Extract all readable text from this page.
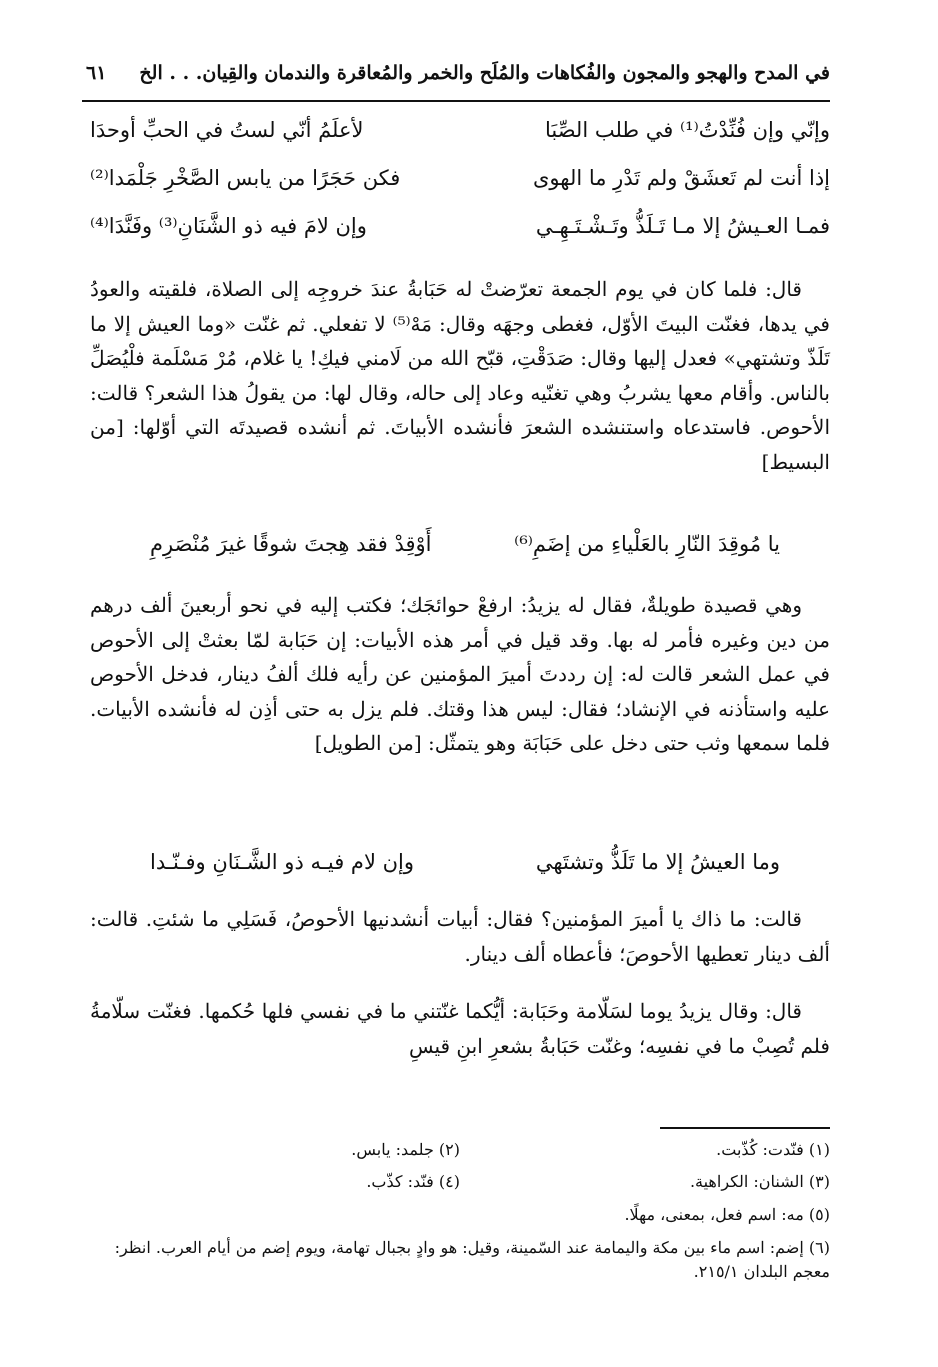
في المدح والهجو والمجون والفُكاهات والمُلَح والخمر والمُعاقرة والندمان والقِيان. . . الخ
٦١
وإنّي وإن فُنِّدْتُ⁽¹⁾ في طلب الصِّبَا
لأعلَمُ أنّي لستُ في الحبِّ أوحدَا
إذا أنت لم تَعشَقْ ولم تَدْرِ ما الهوى
فكن حَجَرًا من يابس الصَّخْرِ جَلْمَدا⁽²⁾
فمـا العـيشُ إلا مـا تَـلَذُّ وتَـشْـتَـهِـي
وإن لامَ فيه ذو الشَّنَانِ⁽³⁾ وفَنَّدَا⁽⁴⁾

قال: فلما كان في يوم الجمعة تعرّضتْ له حَبَابةُ عندَ خروجِه إلى الصلاة، فلقيته والعودُ في يدها، فغنّت البيتَ الأوّل، فغطى وجهَه وقال: مَهْ⁽⁵⁾ لا تفعلي. ثم غنّت «وما العيش إلا ما تَلَذّ وتشتهي» فعدل إليها وقال: صَدَقْتِ، قبّح الله من لَامني فيكِ! يا غلام، مُرْ مَسْلَمة فلْيُصَلِّ بالناس. وأقام معها يشربُ وهي تغنّيه وعاد إلى حاله، وقال لها: من يقولُ هذا الشعر؟ قالت: الأحوص. فاستدعاه واستنشده الشعرَ فأنشده الأبياتَ. ثم أنشده قصيدتَه التي أوّلها: [من البسيط]

يا مُوقِدَ النّارِ بالعَلْياءِ من إضَمِ⁽⁶⁾
أَوْقِدْ فقد هِجتَ شوقًا غيرَ مُنْصَرِمِ

وهي قصيدة طويلةٌ، فقال له يزيدُ: ارفعْ حوائجَك؛ فكتب إليه في نحو أربعينَ ألف درهم من دين وغيره فأمر له بها. وقد قيل في أمر هذه الأبيات: إن حَبَابة لمّا بعثتْ إلى الأحوص في عمل الشعر قالت له: إن رددتَ أميرَ المؤمنين عن رأيه فلك ألفُ دينار، فدخل الأحوص عليه واستأذنه في الإنشاد؛ فقال: ليس هذا وقتك. فلم يزل به حتى أذِن له فأنشده الأبيات. فلما سمعها وثب حتى دخل على حَبَابَة وهو يتمثّل: [من الطويل]

وما العيشُ إلا ما تَلَذُّ وتشتَهي
وإن لام فيـه ذو الشَّـنَانِ وفـنّـدا

قالت: ما ذاك يا أميرَ المؤمنين؟ فقال: أبيات أنشدنيها الأحوصُ، فَسَلِي ما شئتِ. قالت: ألف دينار تعطيها الأحوصَ؛ فأعطاه ألف دينار.

قال: وقال يزيدُ يوما لسَلّامة وحَبَابة: أيُّكما غنّتني ما في نفسي فلها حُكمها. فغنّت سلّامةُ فلم تُصِبْ ما في نفسِه؛ وغنّت حَبَابةُ بشعرِ ابنِ قيسِ

(١) فنّدت: كُذّبت.
(٢) جلمد: يابس.
(٣) الشنان: الكراهية.
(٤) فنّد: كذّب.
(٥) مه: اسم فعل، بمعنى، مهلًا.
(٦) إضم: اسم ماء بين مكة واليمامة عند السّمينة، وقيل: هو وادٍ بجبال تهامة، ويوم إضم من أيام العرب. انظر: معجم البلدان ٢١٥/١.
